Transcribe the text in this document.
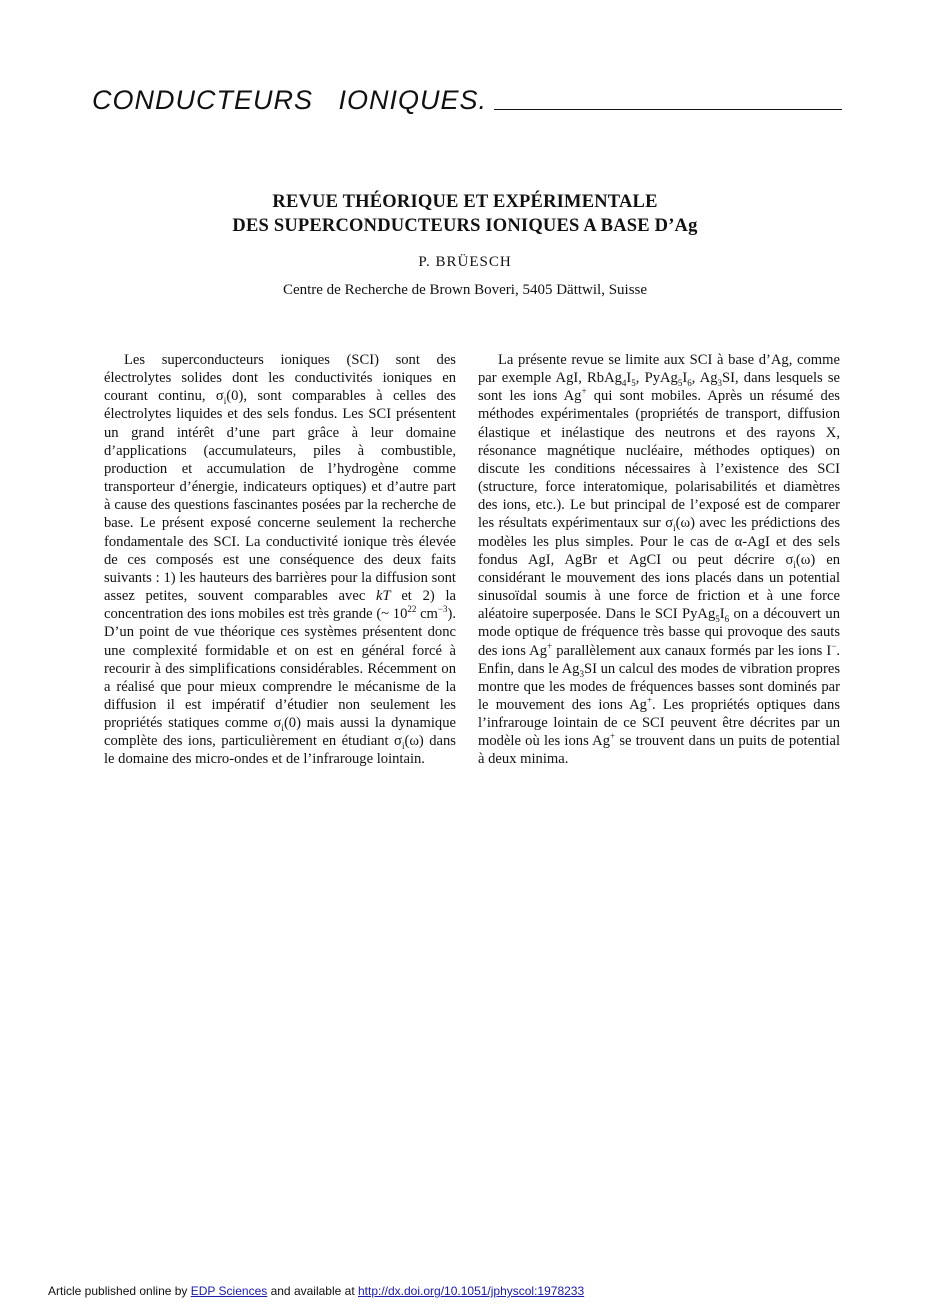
CONDUCTEURS   IONIQUES.
REVUE THÉORIQUE ET EXPÉRIMENTALE
DES SUPERCONDUCTEURS IONIQUES A BASE D’Ag
P. BRÜESCH
Centre de Recherche de Brown Boveri, 5405 Dättwil, Suisse

Les superconducteurs ioniques (SCI) sont des électrolytes solides dont les conductivités ioniques en courant continu, $\sigma_i(0)$, sont comparables à celles des électrolytes liquides et des sels fondus. Les SCI présentent un grand intérêt d’une part grâce à leur domaine d’applications (accumulateurs, piles à combustible, production et accumulation de l’hydrogène comme transporteur d’énergie, indicateurs optiques) et d’autre part à cause des questions fascinantes posées par la recherche de base. Le présent exposé concerne seulement la recherche fondamentale des SCI. La conductivité ionique très élevée de ces composés est une conséquence des deux faits suivants : 1) les hauteurs des barrières pour la diffusion sont assez petites, souvent comparables avec kT et 2) la concentration des ions mobiles est très grande (~ $10^{22}$ $cm^{-3}$). D’un point de vue théorique ces systèmes présentent donc une complexité formidable et on est en général forcé à recourir à des simplifications considérables. Récemment on a réalisé que pour mieux comprendre le mécanisme de la diffusion il est impératif d’étudier non seulement les propriétés statiques comme $\sigma_i(0)$ mais aussi la dynamique complète des ions, particulièrement en étudiant $\sigma_i(\omega)$ dans le domaine des micro-ondes et de l’infrarouge lointain.

La présente revue se limite aux SCI à base d’Ag, comme par exemple AgI, $RbAg_4I_5$, $PyAg_5I_6$, $Ag_3SI$, dans lesquels se sont les ions Ag+ qui sont mobiles. Après un résumé des méthodes expérimentales (propriétés de transport, diffusion élastique et inélastique des neutrons et des rayons X, résonance magnétique nucléaire, méthodes optiques) on discute les conditions nécessaires à l’existence des SCI (structure, force interatomique, polarisabilités et diamètres des ions, etc.). Le but principal de l’exposé est de comparer les résultats expérimentaux sur $\sigma_i(\omega)$ avec les prédictions des modèles les plus simples. Pour le cas de α-AgI et des sels fondus AgI, AgBr et AgCI ou peut décrire $\sigma_i(\omega)$ en considérant le mouvement des ions placés dans un potential sinusoïdal soumis à une force de friction et à une force aléatoire superposée. Dans le SCI $PyAg_5I_6$ on a découvert un mode optique de fréquence très basse qui provoque des sauts des ions Ag+ parallèlement aux canaux formés par les ions I−. Enfin, dans le $Ag_3SI$ un calcul des modes de vibration propres montre que les modes de fréquences basses sont dominés par le mouvement des ions Ag+. Les propriétés optiques dans l’infrarouge lointain de ce SCI peuvent être décrites par un modèle où les ions Ag+ se trouvent dans un puits de potential à deux minima.

Article published online by EDP Sciences and available at http://dx.doi.org/10.1051/jphyscol:1978233
